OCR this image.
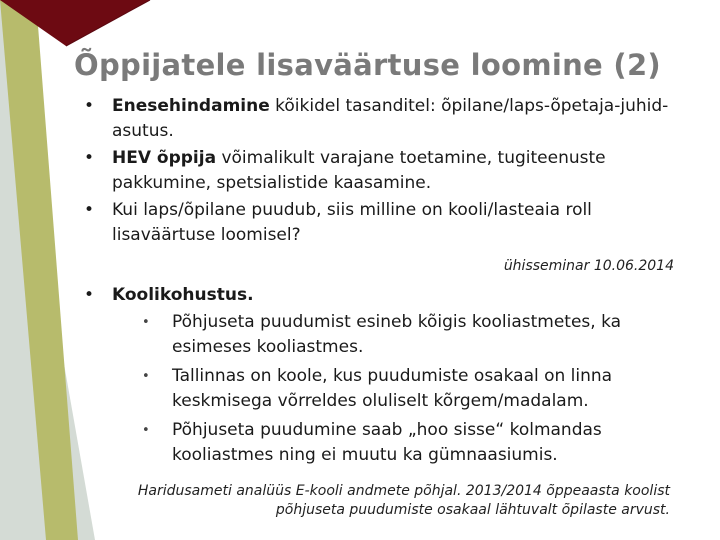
Õppijatele lisaväärtuse loomine (2)
• Enesehindamine kõikidel tasanditel: õpilane/laps-õpetaja-juhid-asutus.
• HEV õppija võimalikult varajane toetamine, tugiteenuste pakkumine, spetsialistide kaasamine.
• Kui laps/õpilane puudub, siis milline on kooli/lasteaia roll lisaväärtuse loomisel?
ühisseminar 10.06.2014
• Koolikohustus.
• Põhjuseta puudumist esineb kõigis kooliastmetes, ka esimeses kooliastmes.
• Tallinnas on koole, kus puudumiste osakaal on linna keskmisega võrreldes oluliselt kõrgem/madalam.
• Põhjuseta puudumine saab „hoo sisse“ kolmandas kooliastmes ning ei muutu ka gümnaasiumis.
Haridusameti analüüs E-kooli andmete põhjal. 2013/2014 õppeaasta koolist põhjuseta puudumiste osakaal lähtuvalt õpilaste arvust.
